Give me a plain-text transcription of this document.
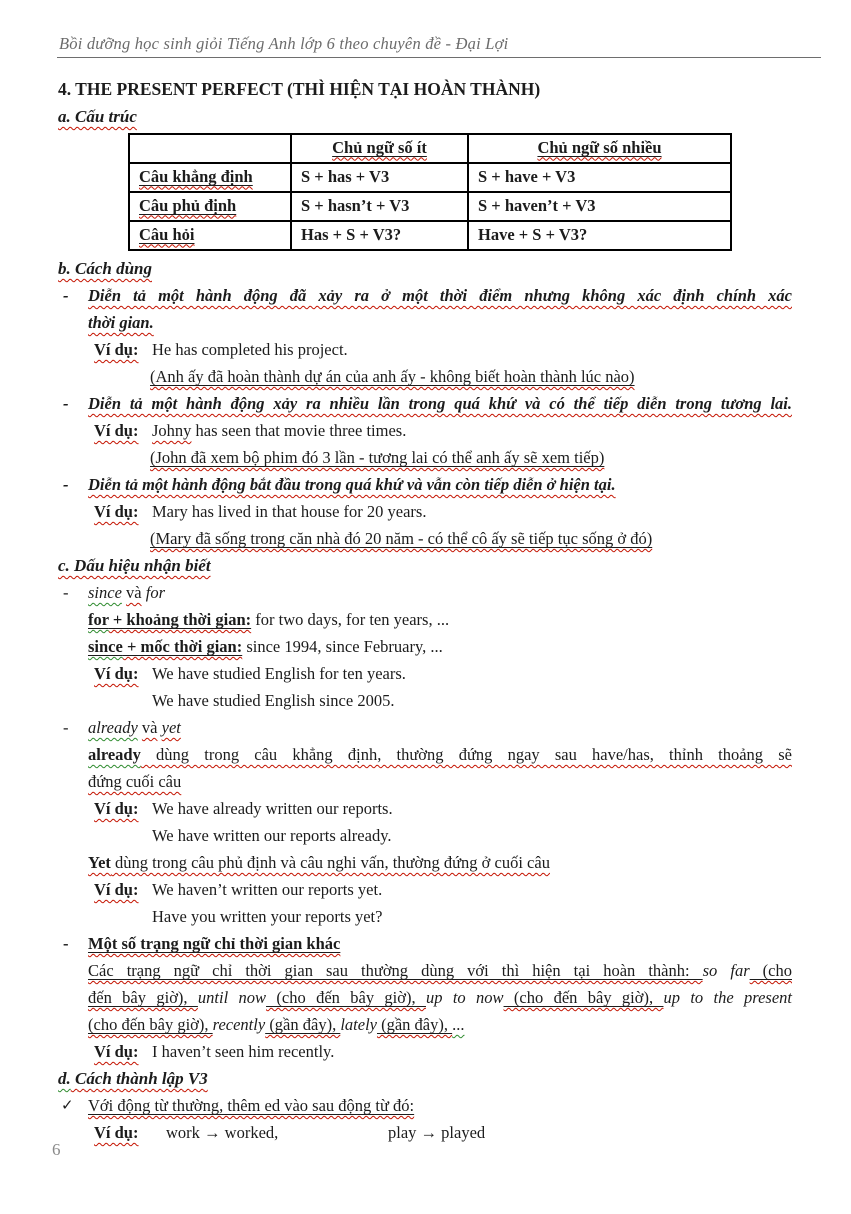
Bồi dưỡng học sinh giỏi Tiếng Anh lớp 6 theo chuyên đề - Đại Lợi
4. THE PRESENT PERFECT (THÌ HIỆN TẠI HOÀN THÀNH)
a. Cấu trúc
	Chủ ngữ số ít	Chủ ngữ số nhiều
Câu khẳng định	S + has + V3	S + have + V3
Câu phủ định	S + hasn’t + V3	S + haven’t + V3
Câu hỏi	Has + S + V3?	Have + S + V3?
b. Cách dùng
- Diễn tả một hành động đã xảy ra ở một thời điểm nhưng không xác định chính xác
thời gian.
Ví dụ: He has completed his project.
(Anh ấy đã hoàn thành dự án của anh ấy - không biết hoàn thành lúc nào)
- Diễn tả một hành động xảy ra nhiều lần trong quá khứ và có thể tiếp diễn trong tương lai.
Ví dụ: Johny has seen that movie three times.
(John đã xem bộ phim đó 3 lần - tương lai có thể anh ấy sẽ xem tiếp)
- Diễn tả một hành động bắt đầu trong quá khứ và vẫn còn tiếp diễn ở hiện tại.
Ví dụ: Mary has lived in that house for 20 years.
(Mary đã sống trong căn nhà đó 20 năm - có thể cô ấy sẽ tiếp tục sống ở đó)
c. Dấu hiệu nhận biết
- since và for
for + khoảng thời gian: for two days, for ten years, ...
since + mốc thời gian: since 1994, since February, ...
Ví dụ: We have studied English for ten years.
We have studied English since 2005.
- already và yet
already dùng trong câu khẳng định, thường đứng ngay sau have/has, thỉnh thoảng sẽ
đứng cuối câu
Ví dụ: We have already written our reports.
We have written our reports already.
Yet dùng trong câu phủ định và câu nghi vấn, thường đứng ở cuối câu
Ví dụ: We haven’t written our reports yet.
Have you written your reports yet?
- Một số trạng ngữ chỉ thời gian khác
Các trạng ngữ chỉ thời gian sau thường dùng với thì hiện tại hoàn thành: so far (cho
đến bây giờ), until now (cho đến bây giờ), up to now (cho đến bây giờ), up to the present
(cho đến bây giờ), recently (gần đây), lately (gần đây), ...
Ví dụ: I haven’t seen him recently.
d. Cách thành lập V3
✓ Với động từ thường, thêm ed vào sau động từ đó:
Ví dụ: work → worked,	play → played
6
